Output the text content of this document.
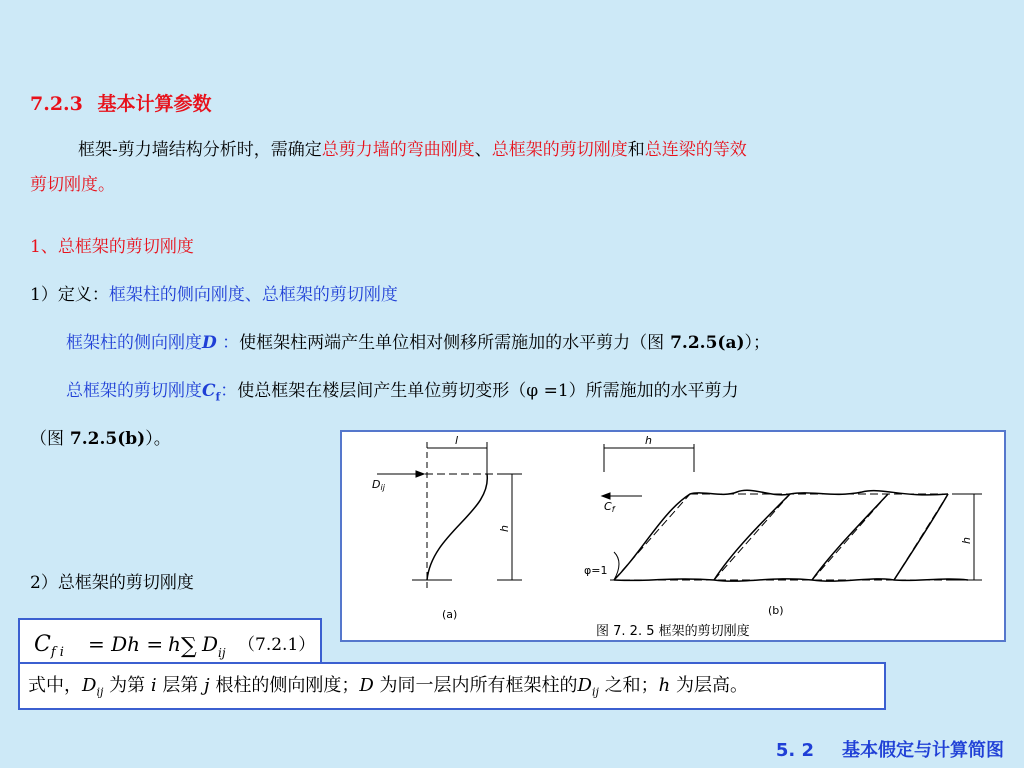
7.2.3 基本计算参数
框架-剪力墙结构分析时，需确定总剪力墙的弯曲刚度、总框架的剪切刚度和总连梁的等效
剪切刚度。
1、总框架的剪切刚度
1）定义：框架柱的侧向刚度、总框架的剪切刚度
框架柱的侧向刚度D ：使框架柱两端产生单位相对侧移所需施加的水平剪力（图 7.2.5(a)）；
总框架的剪切刚度$C_f$：使总框架在楼层间产生单位剪切变形（φ =1）所需施加的水平剪力
（图 7.2.5(b)）。
2）总框架的剪切刚度
l
Dij
h
h
Cf
φ=1
h
(a)	(b)
图 7. 2. 5 框架的剪切刚度
$C_{f i} = Dh = h$ ∑ $D_{ij}$ （7.2.1）
式中，$D_{ij}$ 为第 i 层第 j 根柱的侧向刚度；D 为同一层内所有框架柱的$D_{ij}$ 之和；h 为层高。
5. 2 基本假定与计算简图
